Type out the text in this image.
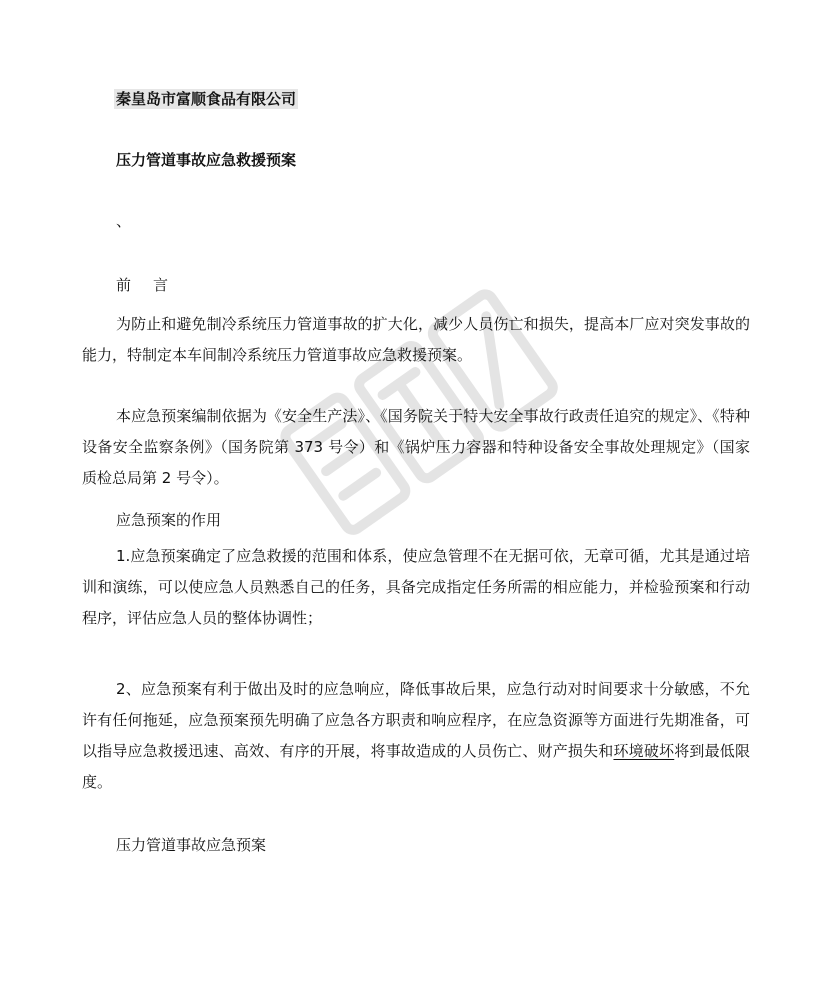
秦皇岛市富顺食品有限公司
压力管道事故应急救援预案
、
前 言
为防止和避免制冷系统压力管道事故的扩大化，减少人员伤亡和损失，提高本厂应对突发事故的能力，特制定本车间制冷系统压力管道事故应急救援预案。
本应急预案编制依据为《安全生产法》、《国务院关于特大安全事故行政责任追究的规定》、《特种设备安全监察条例》（国务院第 373 号令）和《锅炉压力容器和特种设备安全事故处理规定》（国家质检总局第 2 号令）。
应急预案的作用
1.应急预案确定了应急救援的范围和体系，使应急管理不在无据可依，无章可循，尤其是通过培训和演练，可以使应急人员熟悉自己的任务，具备完成指定任务所需的相应能力，并检验预案和行动程序，评估应急人员的整体协调性；
2、应急预案有利于做出及时的应急响应，降低事故后果，应急行动对时间要求十分敏感，不允许有任何拖延，应急预案预先明确了应急各方职责和响应程序，在应急资源等方面进行先期准备，可以指导应急救援迅速、高效、有序的开展，将事故造成的人员伤亡、财产损失和环境破坏将到最低限度。
压力管道事故应急预案
